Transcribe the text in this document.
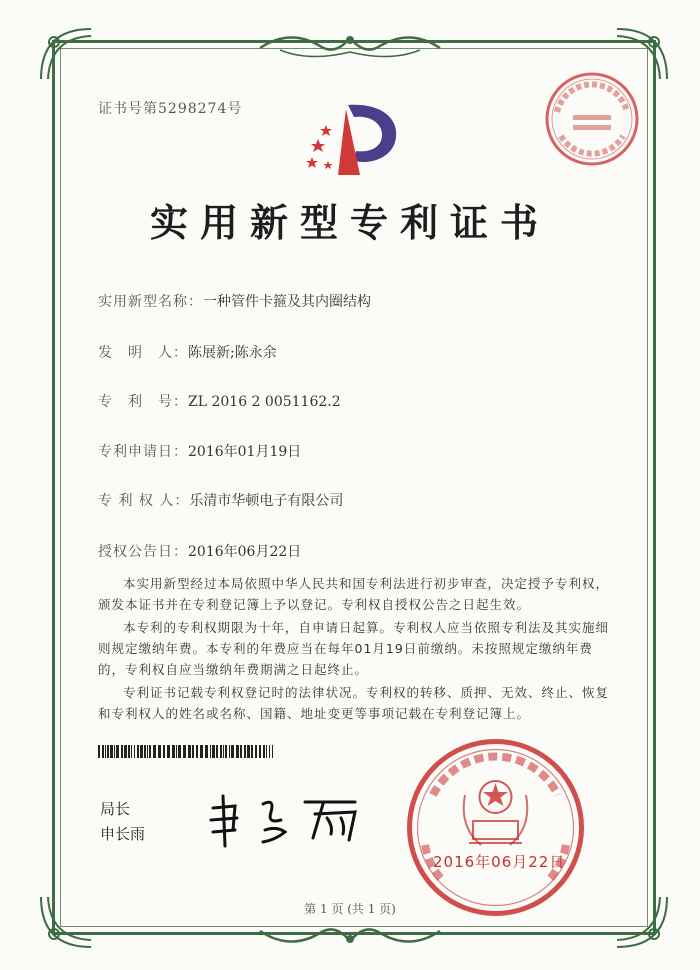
证书号第5298274号
实用新型专利证书
实用新型名称：一种管件卡箍及其内圈结构
发　明　人：陈展新;陈永余
专　利　号：ZL 2016 2 0051162.2
专利申请日：2016年01月19日
专 利 权 人：乐清市华顿电子有限公司
授权公告日：2016年06月22日

本实用新型经过本局依照中华人民共和国专利法进行初步审查，决定授予专利权，颁发本证书并在专利登记簿上予以登记。专利权自授权公告之日起生效。

本专利的专利权期限为十年，自申请日起算。专利权人应当依照专利法及其实施细则规定缴纳年费。本专利的年费应当在每年01月19日前缴纳。未按照规定缴纳年费的，专利权自应当缴纳年费期满之日起终止。

专利证书记载专利权登记时的法律状况。专利权的转移、质押、无效、终止、恢复和专利权人的姓名或名称、国籍、地址变更等事项记载在专利登记簿上。

局长
申长雨
2016年06月22日
第 1 页 (共 1 页)
